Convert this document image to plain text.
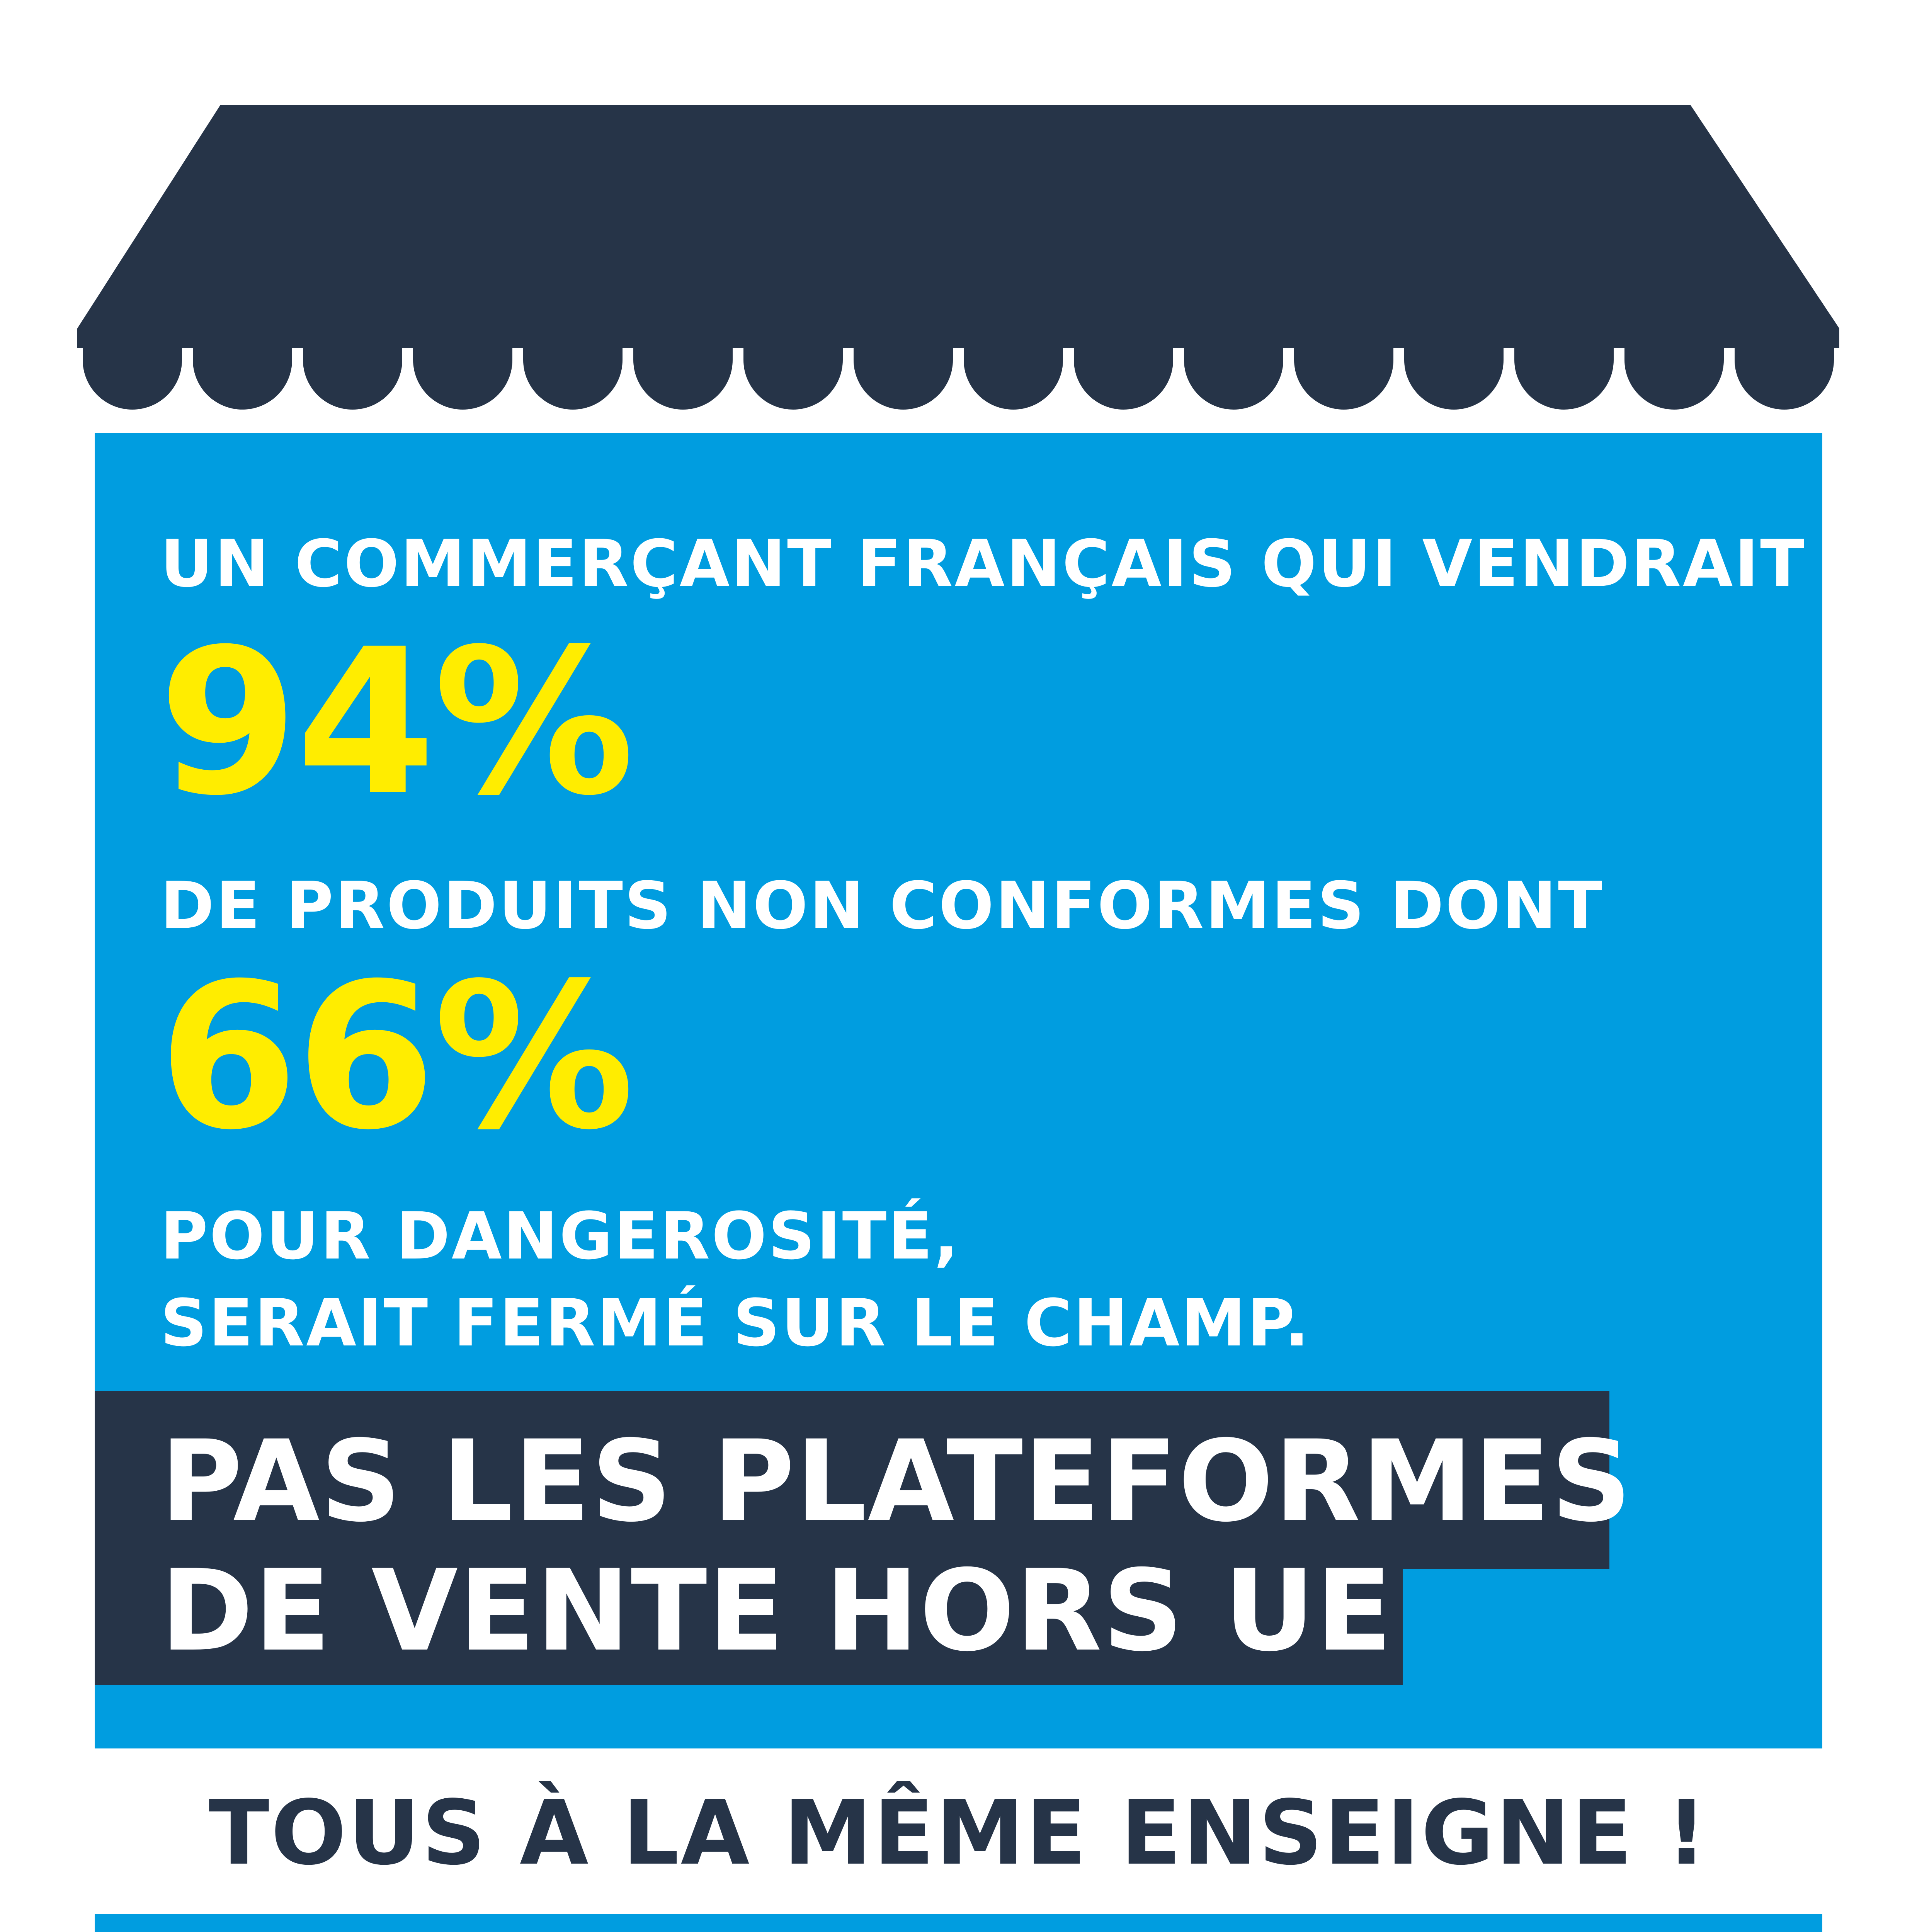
UN COMMERÇANT FRANÇAIS QUI VENDRAIT
94%
DE PRODUITS NON CONFORMES DONT
66%
POUR DANGEROSITÉ,
SERAIT FERMÉ SUR LE CHAMP.
PAS LES PLATEFORMES
DE VENTE HORS UE
TOUS À LA MÊME ENSEIGNE !
